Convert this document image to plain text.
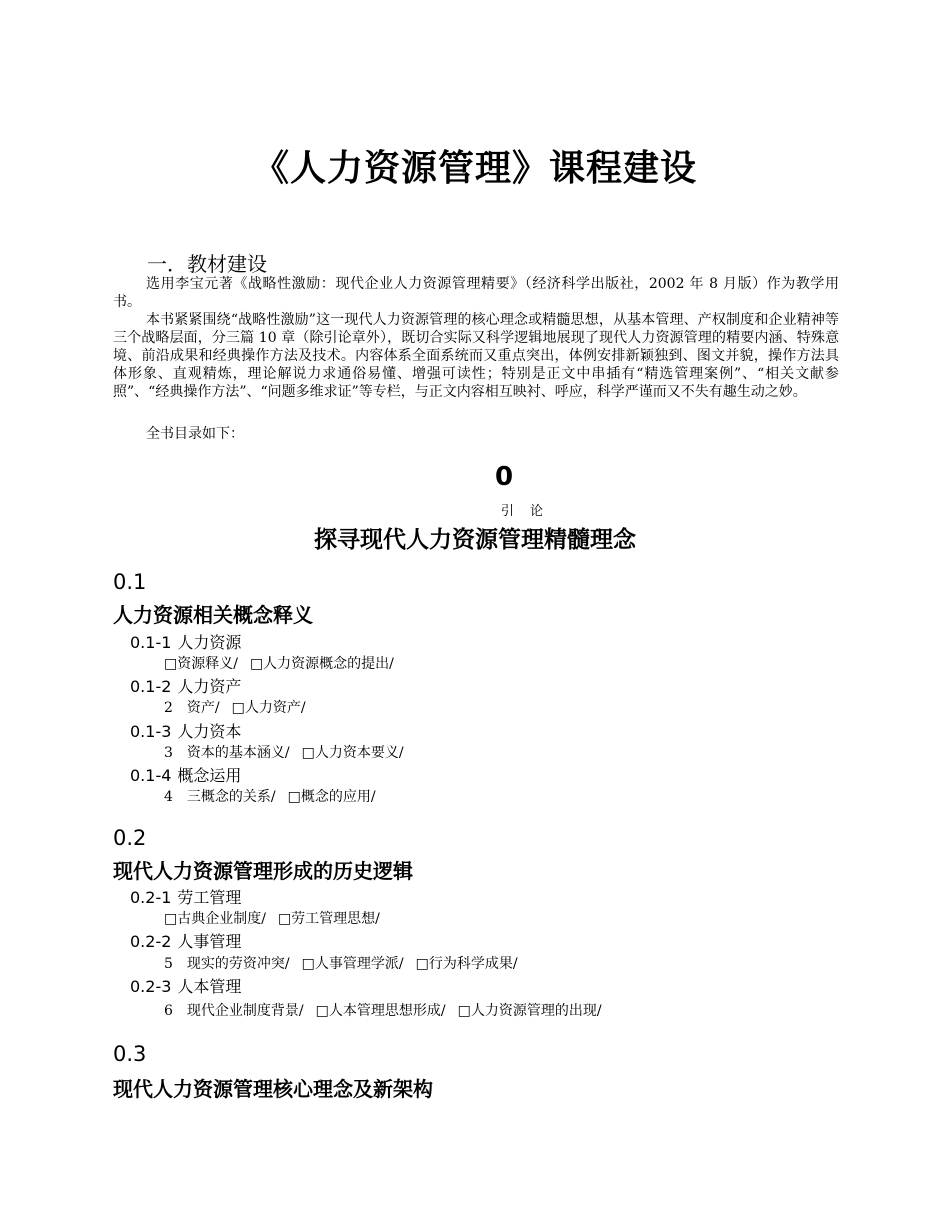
《人力资源管理》课程建设
一．教材建设
选用李宝元著《战略性激励：现代企业人力资源管理精要》（经济科学出版社，2002 年 8 月版）作为教学用书。
本书紧紧围绕“战略性激励”这一现代人力资源管理的核心理念或精髓思想，从基本管理、产权制度和企业精神等三个战略层面，分三篇 10 章（除引论章外），既切合实际又科学逻辑地展现了现代人力资源管理的精要内涵、特殊意境、前沿成果和经典操作方法及技术。内容体系全面系统而又重点突出，体例安排新颖独到、图文并貌，操作方法具体形象、直观精炼，理论解说力求通俗易懂、增强可读性；特别是正文中串插有“精选管理案例”、“相关文献参照”、“经典操作方法”、“问题多维求证”等专栏，与正文内容相互映衬、呼应，科学严谨而又不失有趣生动之妙。
全书目录如下：
0
引 论
探寻现代人力资源管理精髓理念
0.1
人力资源相关概念释义
0.1-1 人力资源
□资源释义/ □人力资源概念的提出/
0.1-2 人力资产
2 资产/ □人力资产/
0.1-3 人力资本
3 资本的基本涵义/ □人力资本要义/
0.1-4 概念运用
4 三概念的关系/ □概念的应用/
0.2
现代人力资源管理形成的历史逻辑
0.2-1 劳工管理
□古典企业制度/ □劳工管理思想/
0.2-2 人事管理
5 现实的劳资冲突/ □人事管理学派/ □行为科学成果/
0.2-3 人本管理
6 现代企业制度背景/ □人本管理思想形成/ □人力资源管理的出现/
0.3
现代人力资源管理核心理念及新架构
